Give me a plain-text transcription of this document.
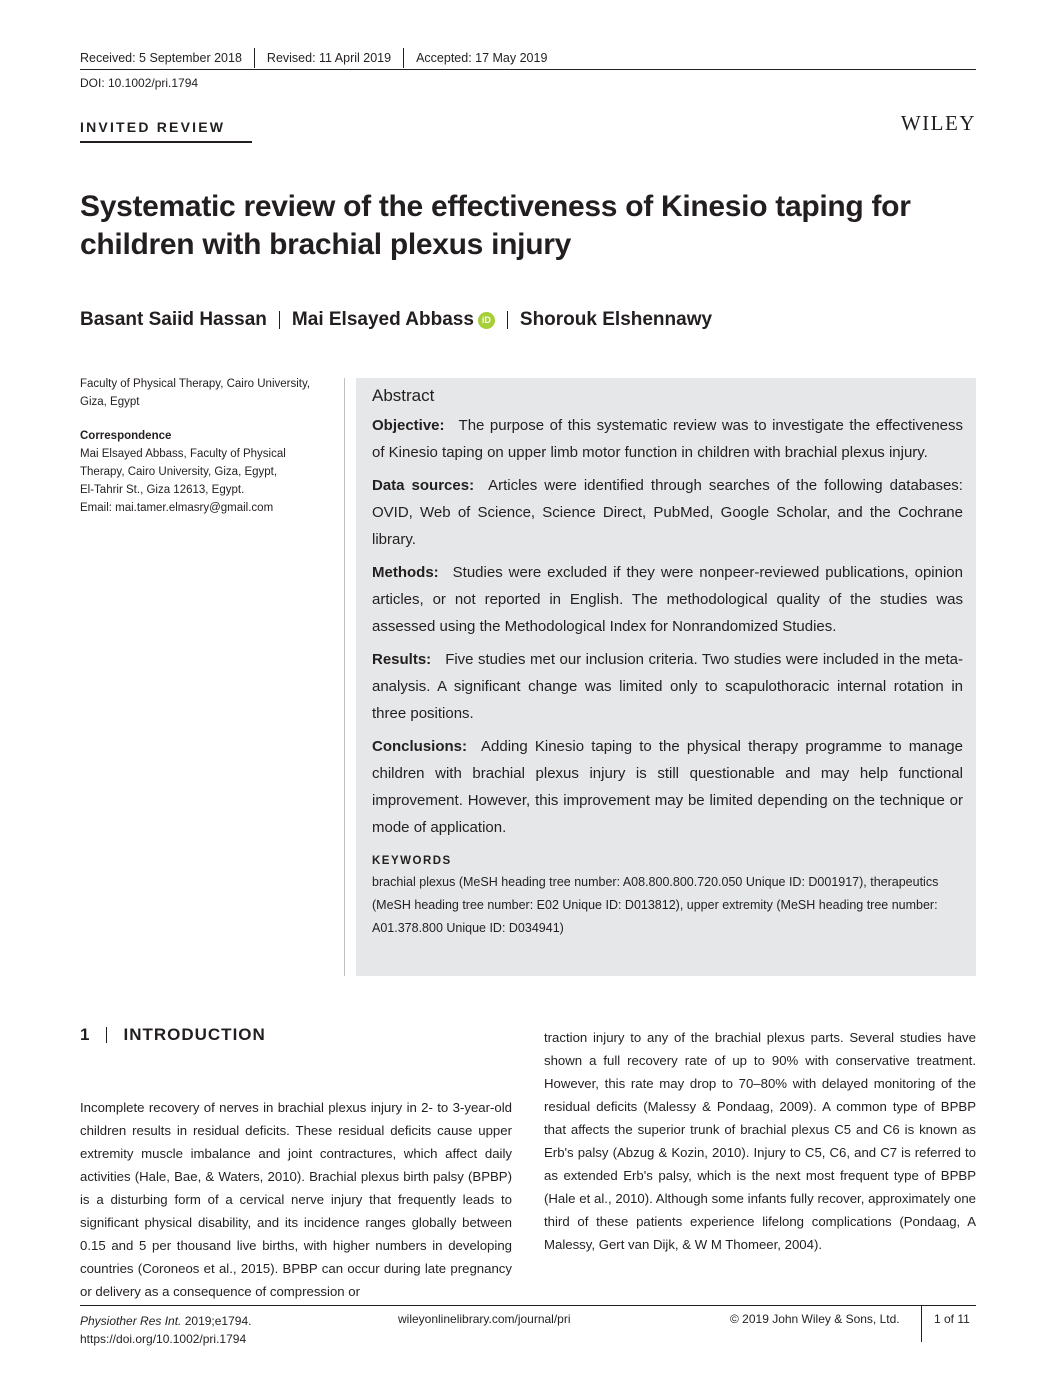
Received: 5 September 2018 Revised: 11 April 2019 Accepted: 17 May 2019
DOI: 10.1002/pri.1794
INVITED REVIEW	WILEY
Systematic review of the effectiveness of Kinesio taping for children with brachial plexus injury
Basant Saiid Hassan Mai Elsayed Abbass iD Shorouk Elshennawy
Faculty of Physical Therapy, Cairo University,
Giza, Egypt
Correspondence
Mai Elsayed Abbass, Faculty of Physical
Therapy, Cairo University, Giza, Egypt,
El-Tahrir St., Giza 12613, Egypt.
Email: mai.tamer.elmasry@gmail.com
Abstract

Objective: The purpose of this systematic review was to investigate the effectiveness of Kinesio taping on upper limb motor function in children with brachial plexus injury.

Data sources: Articles were identified through searches of the following databases: OVID, Web of Science, Science Direct, PubMed, Google Scholar, and the Cochrane library.

Methods: Studies were excluded if they were nonpeer‐reviewed publications, opinion articles, or not reported in English. The methodological quality of the studies was assessed using the Methodological Index for Nonrandomized Studies.

Results: Five studies met our inclusion criteria. Two studies were included in the meta‐analysis. A significant change was limited only to scapulothoracic internal rotation in three positions.

Conclusions: Adding Kinesio taping to the physical therapy programme to manage children with brachial plexus injury is still questionable and may help functional improvement. However, this improvement may be limited depending on the technique or mode of application.

KEYWORDS
brachial plexus (MeSH heading tree number: A08.800.800.720.050 Unique ID: D001917), therapeutics (MeSH heading tree number: E02 Unique ID: D013812), upper extremity (MeSH heading tree number: A01.378.800 Unique ID: D034941)
1 INTRODUCTION
Incomplete recovery of nerves in brachial plexus injury in 2‐ to 3‐year‐old children results in residual deficits. These residual deficits cause upper extremity muscle imbalance and joint contractures, which affect daily activities (Hale, Bae, & Waters, 2010). Brachial plexus birth palsy (BPBP) is a disturbing form of a cervical nerve injury that frequently leads to significant physical disability, and its incidence ranges globally between 0.15 and 5 per thousand live births, with higher numbers in developing countries (Coroneos et al., 2015). BPBP can occur during late pregnancy or delivery as a consequence of compression or
traction injury to any of the brachial plexus parts. Several studies have shown a full recovery rate of up to 90% with conservative treatment. However, this rate may drop to 70–80% with delayed monitoring of the residual deficits (Malessy & Pondaag, 2009). A common type of BPBP that affects the superior trunk of brachial plexus C5 and C6 is known as Erb's palsy (Abzug & Kozin, 2010). Injury to C5, C6, and C7 is referred to as extended Erb's palsy, which is the next most frequent type of BPBP (Hale et al., 2010). Although some infants fully recover, approximately one third of these patients experience lifelong complications (Pondaag, A Malessy, Gert van Dijk, & W M Thomeer, 2004).
Physiother Res Int. 2019;e1794.
https://doi.org/10.1002/pri.1794
wileyonlinelibrary.com/journal/pri	© 2019 John Wiley & Sons, Ltd.	1 of 11
